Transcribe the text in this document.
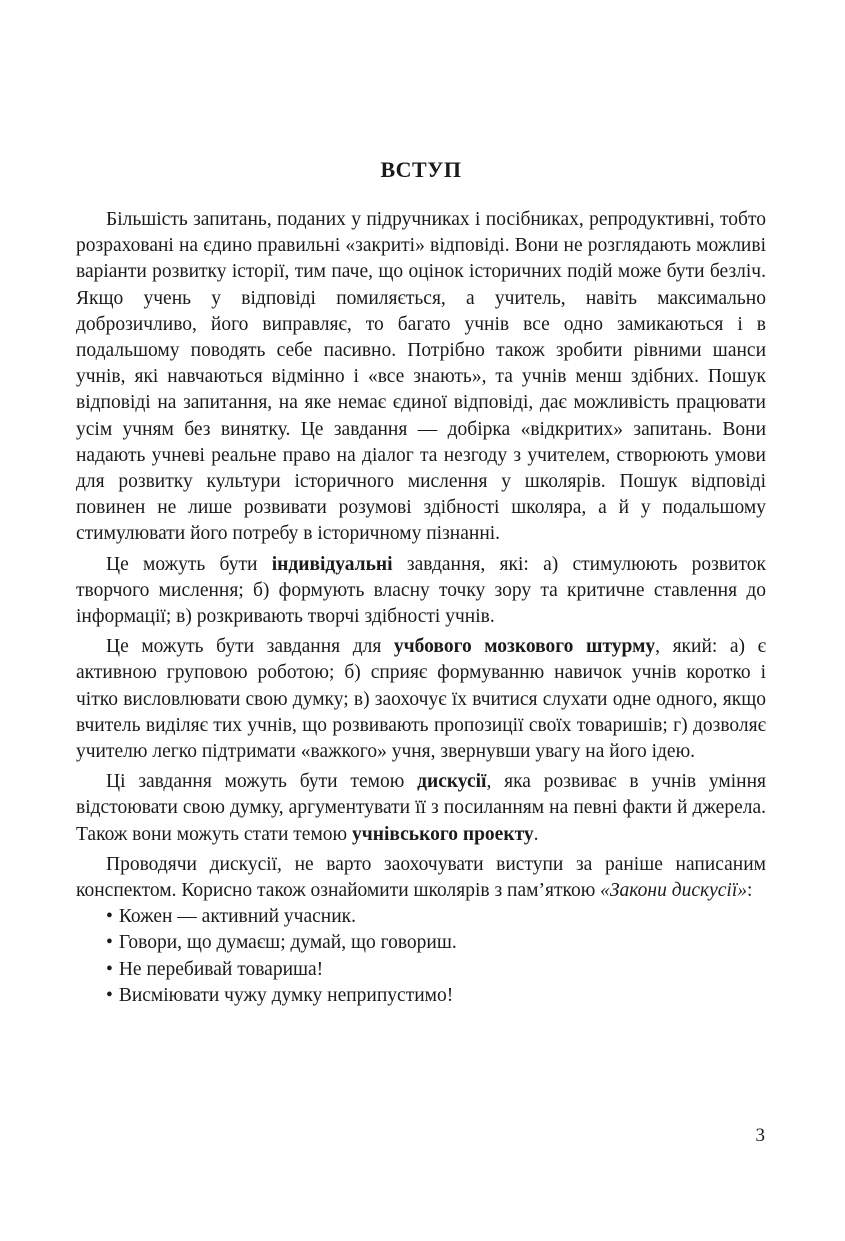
ВСТУП

Більшість запитань, поданих у підручниках і посібниках, репродуктивні, тобто розраховані на єдино правильні «закриті» відповіді. Вони не розглядають можливі варіанти розвитку історії, тим паче, що оцінок історичних подій може бути безліч. Якщо учень у відповіді помиляється, а учитель, навіть максимально доброзичливо, його виправляє, то багато учнів все одно замикаються і в подальшому поводять себе пасивно. Потрібно також зробити рівними шанси учнів, які навчаються відмінно і «все знають», та учнів менш здібних. Пошук відповіді на запитання, на яке немає єдиної відповіді, дає можливість працювати усім учням без винятку. Це завдання — добірка «відкритих» запитань. Вони надають учневі реальне право на діалог та незгоду з учителем, створюють умови для розвитку культури історичного мислення у школярів. Пошук відповіді повинен не лише розвивати розумові здібності школяра, а й у подальшому стимулювати його потребу в історичному пізнанні.

Це можуть бути індивідуальні завдання, які: а) стимулюють розвиток творчого мислення; б) формують власну точку зору та критичне ставлення до інформації; в) розкривають творчі здібності учнів.

Це можуть бути завдання для учбового мозкового штурму, який: а) є активною груповою роботою; б) сприяє формуванню навичок учнів коротко і чітко висловлювати свою думку; в) заохочує їх вчитися слухати одне одного, якщо вчитель виділяє тих учнів, що розвивають пропозиції своїх товаришів; г) дозволяє учителю легко підтримати «важкого» учня, звернувши увагу на його ідею.

Ці завдання можуть бути темою дискусії, яка розвиває в учнів уміння відстоювати свою думку, аргументувати її з посиланням на певні факти й джерела. Також вони можуть стати темою учнівського проекту.

Проводячи дискусії, не варто заохочувати виступи за раніше написаним конспектом. Корисно також ознайомити школярів з пам’яткою «Закони дискусії»:

• Кожен — активний учасник.
• Говори, що думаєш; думай, що говориш.
• Не перебивай товариша!
• Висміювати чужу думку неприпустимо!
3
